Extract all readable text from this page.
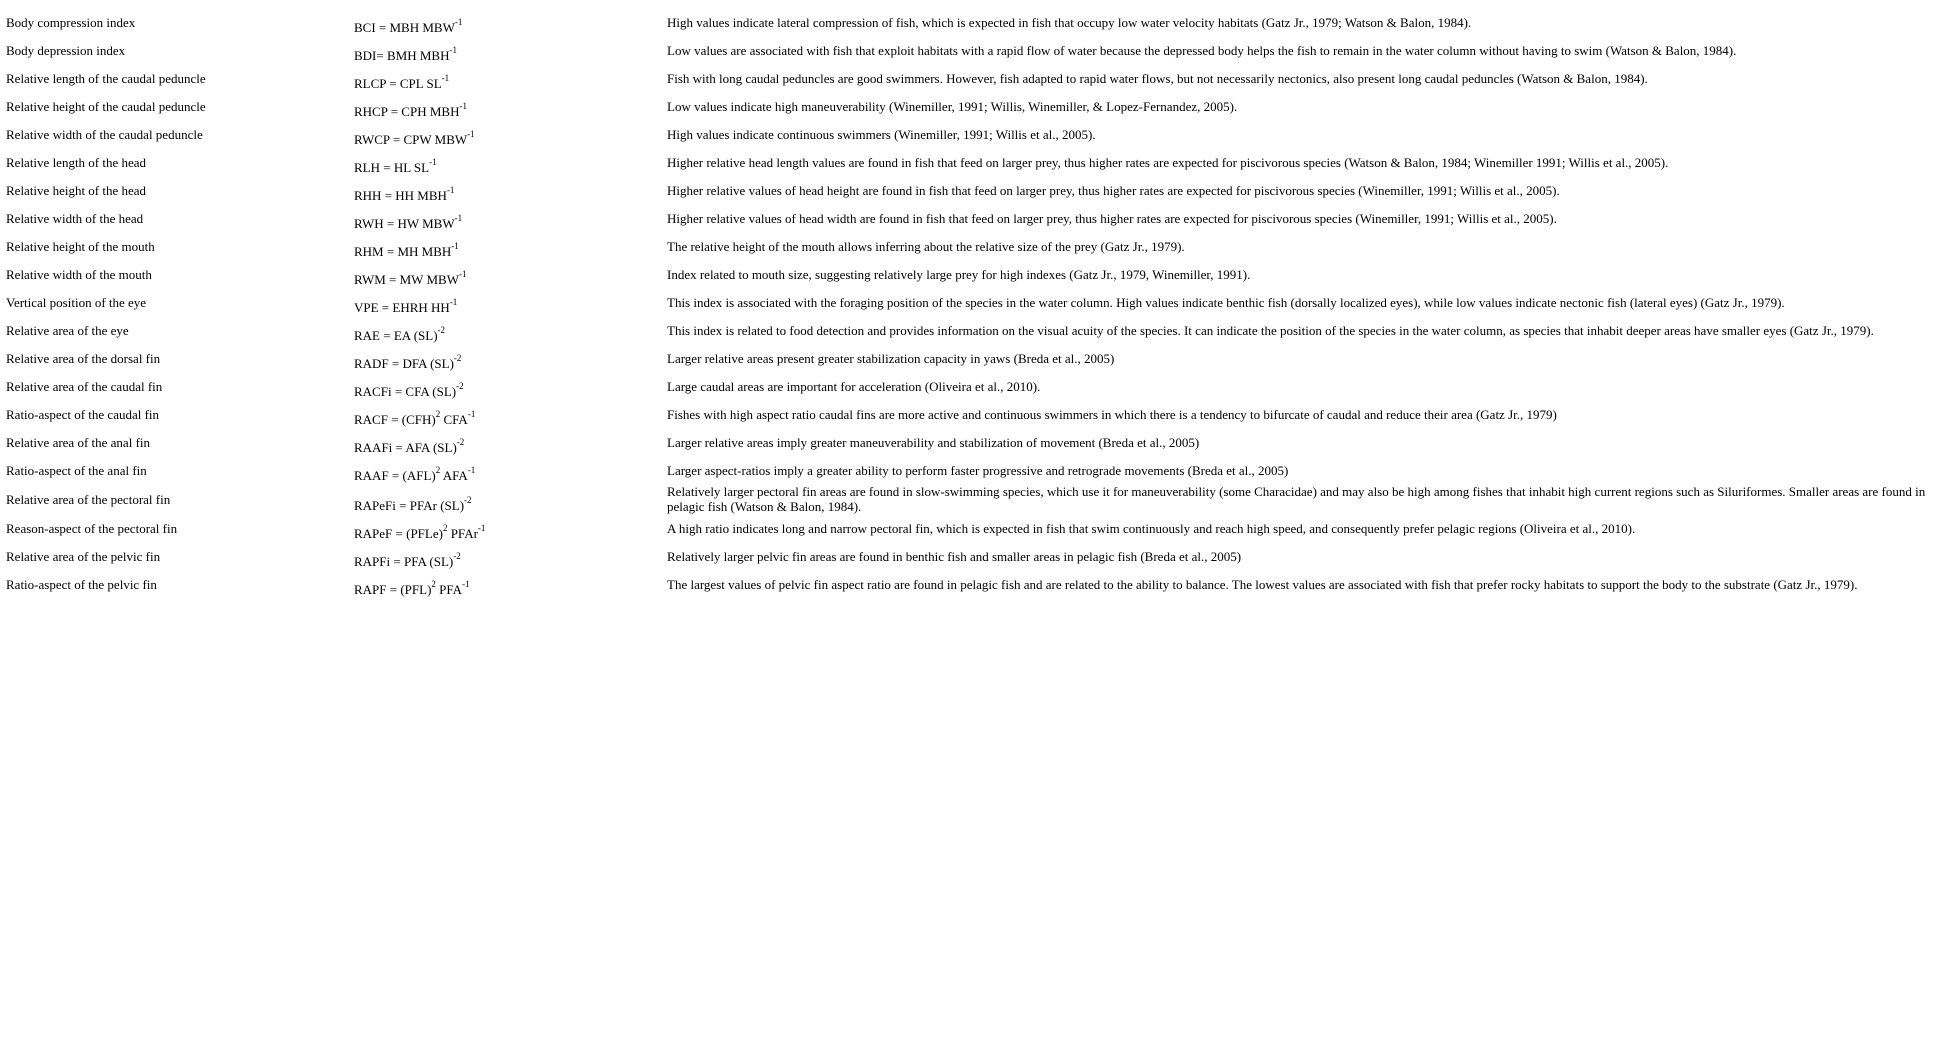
Body compression index	BCI = MBH $MBW^{-1}$	High values indicate lateral compression of fish, which is expected in fish that occupy low water velocity habitats (Gatz Jr., 1979; Watson & Balon, 1984).
Body depression index	BDI= BMH $MBH^{-1}$	Low values are associated with fish that exploit habitats with a rapid flow of water because the depressed body helps the fish to remain in the water column without having to swim (Watson & Balon, 1984).
Relative length of the caudal peduncle	RLCP = CPL $SL^{-1}$	Fish with long caudal peduncles are good swimmers. However, fish adapted to rapid water flows, but not necessarily nectonics, also present long caudal peduncles (Watson & Balon, 1984).
Relative height of the caudal peduncle	RHCP = CPH $MBH^{-1}$	Low values indicate high maneuverability (Winemiller, 1991; Willis, Winemiller, & Lopez-Fernandez, 2005).
Relative width of the caudal peduncle	RWCP = CPW $MBW^{-1}$	High values indicate continuous swimmers (Winemiller, 1991; Willis et al., 2005).
Relative length of the head	RLH = HL $SL^{-1}$	Higher relative head length values are found in fish that feed on larger prey, thus higher rates are expected for piscivorous species (Watson & Balon, 1984; Winemiller 1991; Willis et al., 2005).
Relative height of the head	RHH = HH $MBH^{-1}$	Higher relative values of head height are found in fish that feed on larger prey, thus higher rates are expected for piscivorous species (Winemiller, 1991; Willis et al., 2005).
Relative width of the head	RWH = HW $MBW^{-1}$	Higher relative values of head width are found in fish that feed on larger prey, thus higher rates are expected for piscivorous species (Winemiller, 1991; Willis et al., 2005).
Relative height of the mouth	RHM = MH $MBH^{-1}$	The relative height of the mouth allows inferring about the relative size of the prey (Gatz Jr., 1979).
Relative width of the mouth	RWM = MW $MBW^{-1}$	Index related to mouth size, suggesting relatively large prey for high indexes (Gatz Jr., 1979, Winemiller, 1991).
Vertical position of the eye	VPE = EHRH $HH^{-1}$	This index is associated with the foraging position of the species in the water column. High values indicate benthic fish (dorsally localized eyes), while low values indicate nectonic fish (lateral eyes) (Gatz Jr., 1979).
Relative area of the eye	RAE = EA (SL)$^{-2}$	This index is related to food detection and provides information on the visual acuity of the species. It can indicate the position of the species in the water column, as species that inhabit deeper areas have smaller eyes (Gatz Jr., 1979).
Relative area of the dorsal fin	RADF = DFA (SL)$^{-2}$	Larger relative areas present greater stabilization capacity in yaws (Breda et al., 2005)
Relative area of the caudal fin	RACFi = CFA (SL)$^{-2}$	Large caudal areas are important for acceleration (Oliveira et al., 2010).
Ratio-aspect of the caudal fin	RACF = (CFH)$^2$ $CFA^{-1}$	Fishes with high aspect ratio caudal fins are more active and continuous swimmers in which there is a tendency to bifurcate of caudal and reduce their area (Gatz Jr., 1979)
Relative area of the anal fin	RAAFi = AFA (SL)$^{-2}$	Larger relative areas imply greater maneuverability and stabilization of movement (Breda et al., 2005)
Ratio-aspect of the anal fin	RAAF = (AFL)$^2$ $AFA^{-1}$	Larger aspect-ratios imply a greater ability to perform faster progressive and retrograde movements (Breda et al., 2005)
Relative area of the pectoral fin	RAPeFi = PFAr (SL)$^{-2}$	Relatively larger pectoral fin areas are found in slow-swimming species, which use it for maneuverability (some Characidae) and may also be high among fishes that inhabit high current regions such as Siluriformes. Smaller areas are found in pelagic fish (Watson & Balon, 1984).
Reason-aspect of the pectoral fin	RAPeF = (PFLe)$^2$ PFAr$^{-1}$	A high ratio indicates long and narrow pectoral fin, which is expected in fish that swim continuously and reach high speed, and consequently prefer pelagic regions (Oliveira et al., 2010).
Relative area of the pelvic fin	RAPFi = PFA (SL)$^{-2}$	Relatively larger pelvic fin areas are found in benthic fish and smaller areas in pelagic fish (Breda et al., 2005)
Ratio-aspect of the pelvic fin	RAPF = (PFL)$^2$ $PFA^{-1}$	The largest values of pelvic fin aspect ratio are found in pelagic fish and are related to the ability to balance. The lowest values are associated with fish that prefer rocky habitats to support the body to the substrate (Gatz Jr., 1979).
